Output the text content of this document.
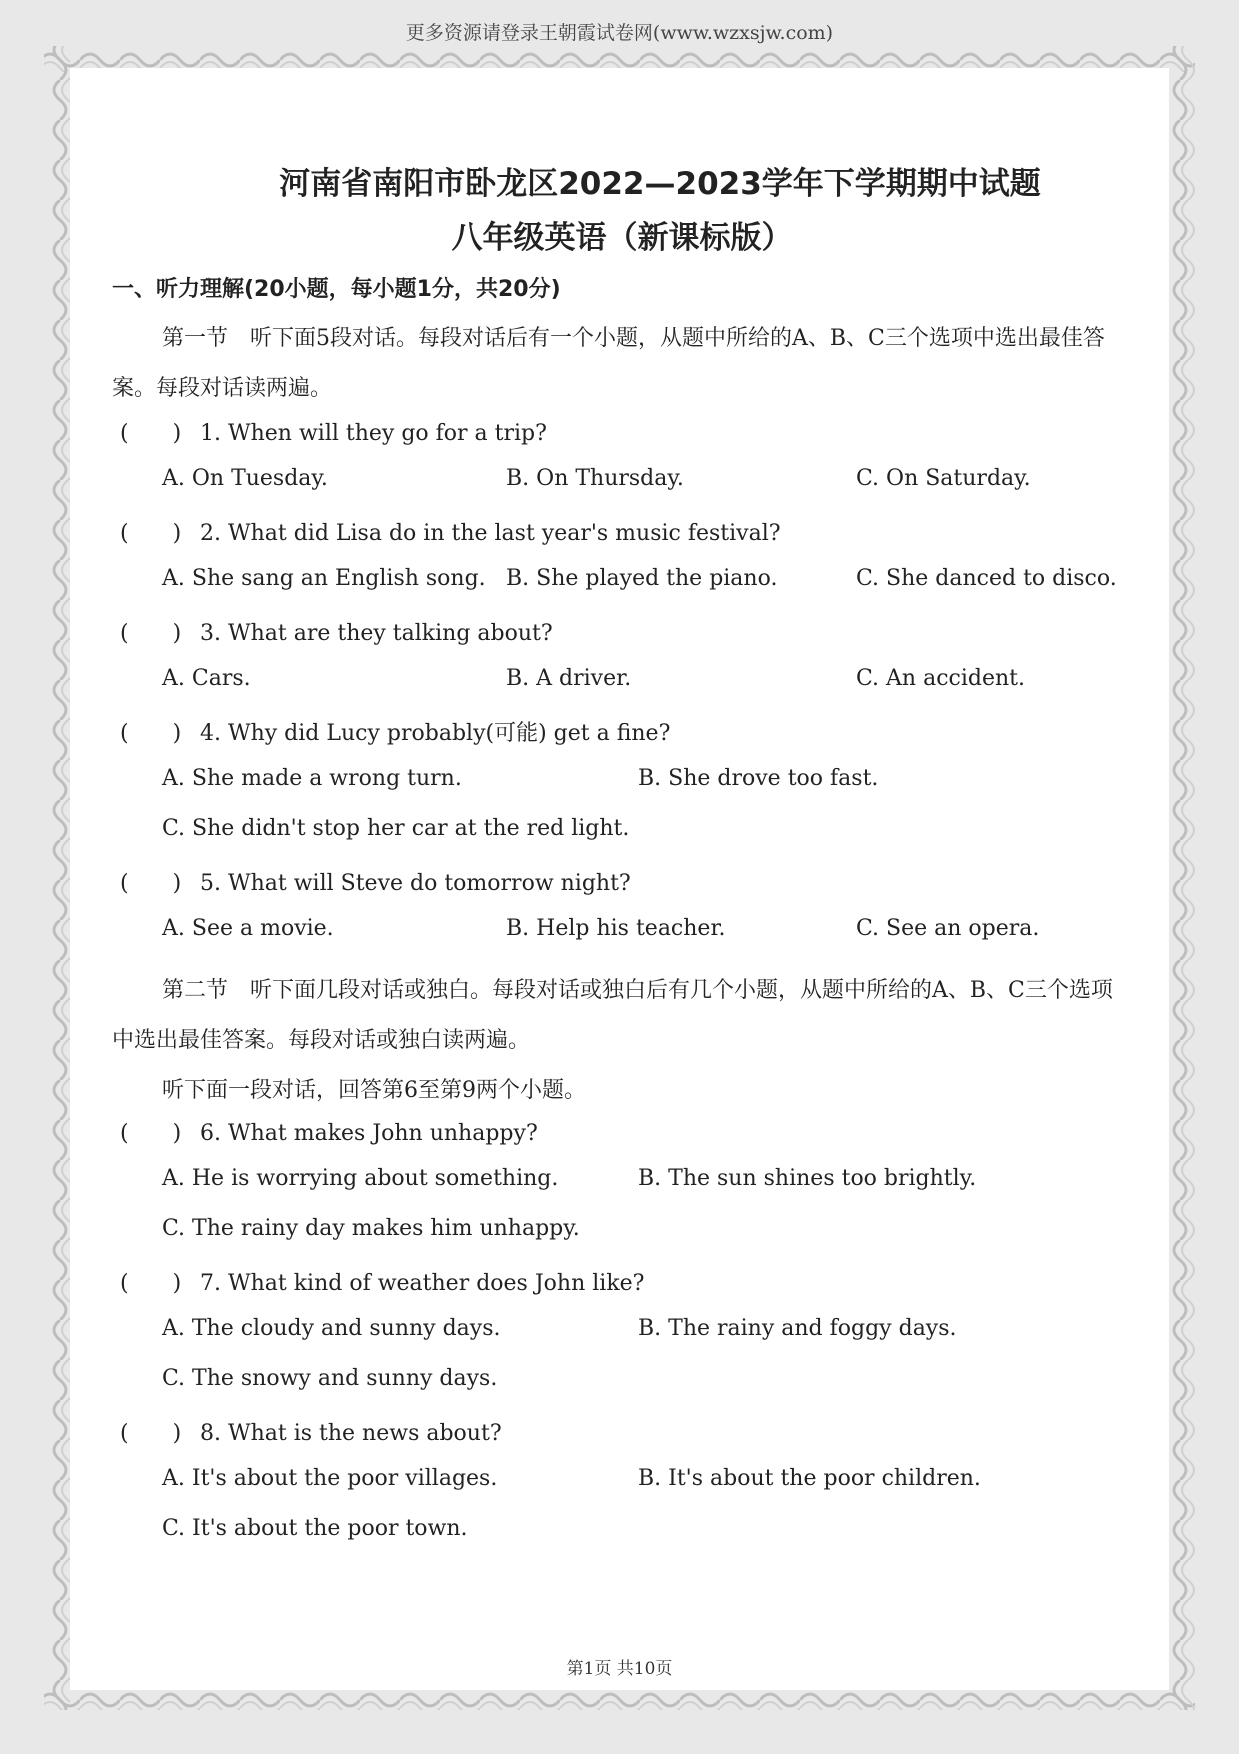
更多资源请登录王朝霞试卷网(www.wzxsjw.com)
河南省南阳市卧龙区2022—2023学年下学期期中试题
八年级英语（新课标版）
一、听力理解(20小题，每小题1分，共20分)
第一节　听下面5段对话。每段对话后有一个小题，从题中所给的A、B、C三个选项中选出最佳答案。每段对话读两遍。
(　　) 1. When will they go for a trip?
A. On Tuesday.	B. On Thursday.	C. On Saturday.
(　　) 2. What did Lisa do in the last year's music festival?
A. She sang an English song. B. She played the piano.	C. She danced to disco.
(　　) 3. What are they talking about?
A. Cars.	B. A driver.	C. An accident.
(　　) 4. Why did Lucy probably(可能) get a fine?
A. She made a wrong turn.	B. She drove too fast.
C. She didn't stop her car at the red light.
(　　) 5. What will Steve do tomorrow night?
A. See a movie.	B. Help his teacher.	C. See an opera.
第二节　听下面几段对话或独白。每段对话或独白后有几个小题，从题中所给的A、B、C三个选项中选出最佳答案。每段对话或独白读两遍。
听下面一段对话，回答第6至第9两个小题。
(　　) 6. What makes John unhappy?
A. He is worrying about something.	B. The sun shines too brightly.
C. The rainy day makes him unhappy.
(　　) 7. What kind of weather does John like?
A. The cloudy and sunny days.	B. The rainy and foggy days.
C. The snowy and sunny days.
(　　) 8. What is the news about?
A. It's about the poor villages.	B. It's about the poor children.
C. It's about the poor town.
第1页 共10页
